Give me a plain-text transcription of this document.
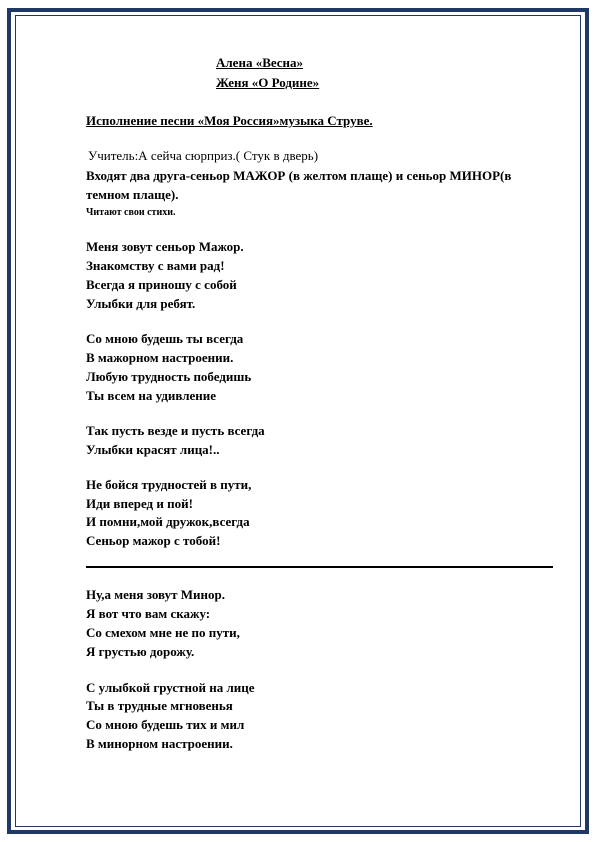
Алена «Весна»
Женя «О Родине»
Исполнение песни «Моя Россия»музыка Струве.
Учитель:А сейча сюрприз.( Стук в дверь)
Входят два друга-сеньор МАЖОР (в желтом плаще) и сеньор МИНОР(в
темном плаще).
Читают свои стихи.
Меня зовут сеньор Мажор.
Знакомству с вами рад!
Всегда я приношу с собой
Улыбки для ребят.
Со мною будешь ты всегда
В мажорном настроении.
Любую трудность победишь
Ты всем на удивление
Так пусть везде и пусть всегда
Улыбки красят лица!..
Не бойся трудностей в пути,
Иди вперед и пой!
И помни,мой дружок,всегда
Сеньор мажор с тобой!
Ну,а меня зовут Минор.
Я вот что вам скажу:
Со смехом мне не по пути,
Я грустью дорожу.
С улыбкой грустной на лице
Ты в трудные мгновенья
Со мною будешь тих и мил
В минорном настроении.
